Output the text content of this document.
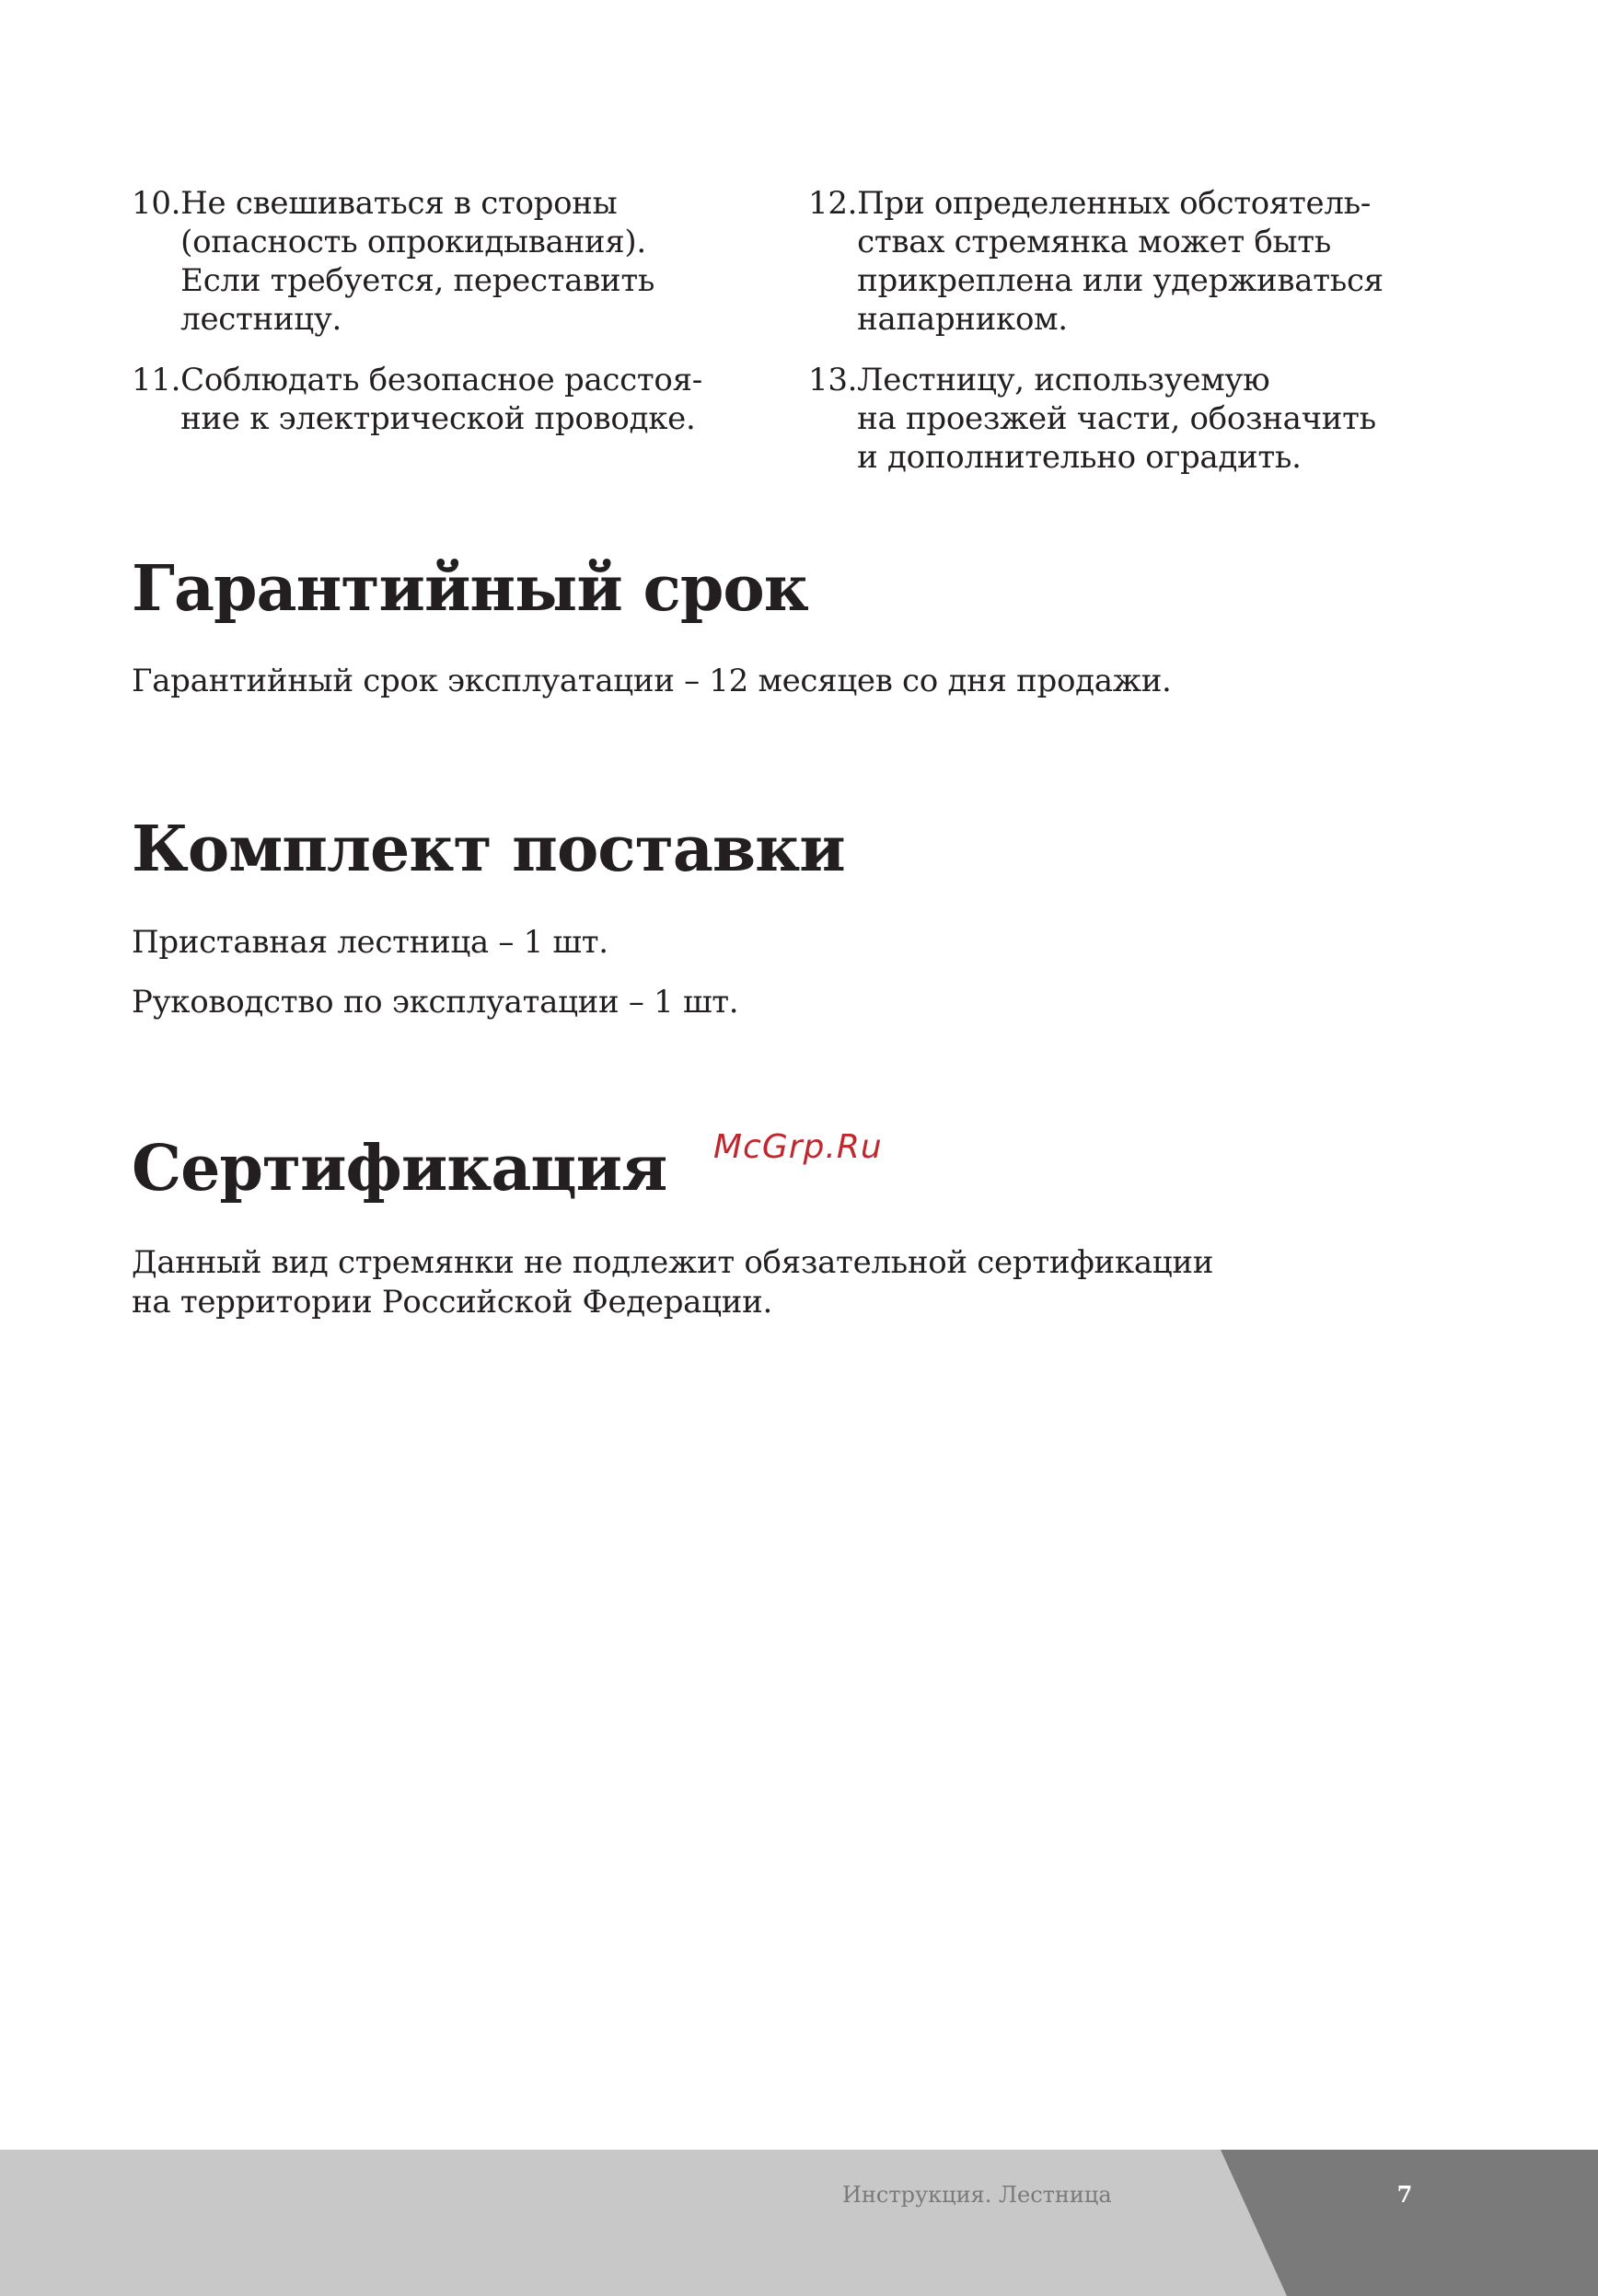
10. Не свешиваться в стороны
(опасность опрокидывания).
Если требуется, переставить
лестницу.
11. Соблюдать безопасное расстоя-
ние к электрической проводке.
12. При определенных обстоятель-
ствах стремянка может быть
прикреплена или удерживаться
напарником.
13. Лестницу, используемую
на проезжей части, обозначить
и дополнительно оградить.
Гарантийный срок

Гарантийный срок эксплуатации – 12 месяцев со дня продажи.

Комплект поставки

Приставная лестница – 1 шт.

Руководство по эксплуатации – 1 шт.

Сертификация McGrp.Ru

Данный вид стремянки не подлежит обязательной сертификации
на территории Российской Федерации.

Инструкция. Лестница	7
